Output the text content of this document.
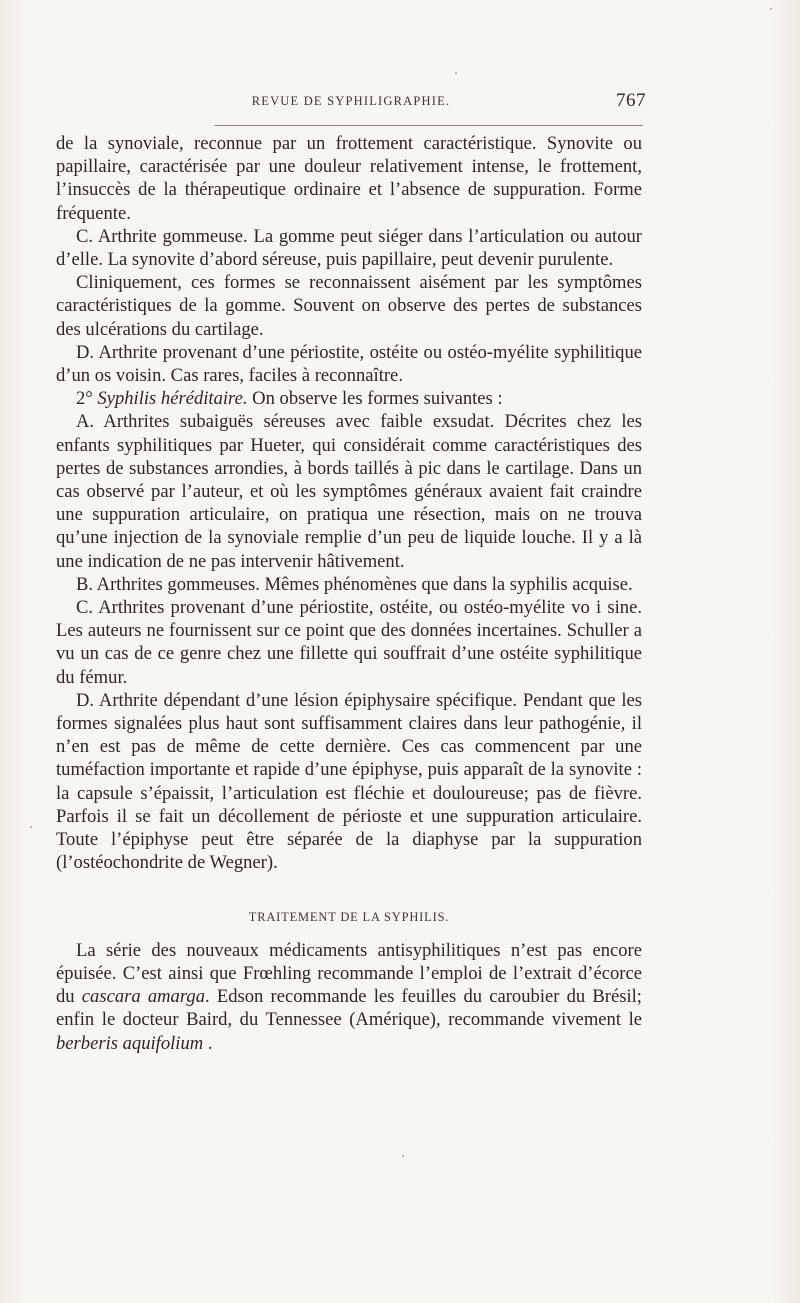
REVUE DE SYPHILIGRAPHIE.	767

de la synoviale, reconnue par un frottement caractéristique. Synovite ou papillaire, caractérisée par une douleur relativement intense, le frottement, l’insuccès de la thérapeutique ordinaire et l’absence de suppuration. Forme fréquente.

C. Arthrite gommeuse. La gomme peut siéger dans l’articulation ou autour d’elle. La synovite d’abord séreuse, puis papillaire, peut devenir purulente.

Cliniquement, ces formes se reconnaissent aisément par les symptômes caractéristiques de la gomme. Souvent on observe des pertes de substances des ulcérations du cartilage.

D. Arthrite provenant d’une périostite, ostéite ou ostéo-myélite syphilitique d’un os voisin. Cas rares, faciles à reconnaître.

2° Syphilis héréditaire. On observe les formes suivantes :

A. Arthrites subaiguës séreuses avec faible exsudat. Décrites chez les enfants syphilitiques par Hueter, qui considérait comme caractéristiques des pertes de substances arrondies, à bords taillés à pic dans le cartilage. Dans un cas observé par l’auteur, et où les symptômes généraux avaient fait craindre une suppuration articulaire, on pratiqua une résection, mais on ne trouva qu’une injection de la synoviale remplie d’un peu de liquide louche. Il y a là une indication de ne pas intervenir hâtivement.

B. Arthrites gommeuses. Mêmes phénomènes que dans la syphilis acquise.

C. Arthrites provenant d’une périostite, ostéite, ou ostéo-myélite vo i sine. Les auteurs ne fournissent sur ce point que des données incertaines. Schuller a vu un cas de ce genre chez une fillette qui souffrait d’une ostéite syphilitique du fémur.

D. Arthrite dépendant d’une lésion épiphysaire spécifique. Pendant que les formes signalées plus haut sont suffisamment claires dans leur pathogénie, il n’en est pas de même de cette dernière. Ces cas commencent par une tuméfaction importante et rapide d’une épiphyse, puis apparaît de la synovite : la capsule s’épaissit, l’articulation est fléchie et douloureuse; pas de fièvre. Parfois il se fait un décollement de périoste et une suppuration articulaire. Toute l’épiphyse peut être séparée de la diaphyse par la suppuration (l’ostéochondrite de Wegner).

TRAITEMENT DE LA SYPHILIS.

La série des nouveaux médicaments antisyphilitiques n’est pas encore épuisée. C’est ainsi que Frœhling recommande l’emploi de l’extrait d’écorce du cascara amarga. Edson recommande les feuilles du caroubier du Brésil; enfin le docteur Baird, du Tennessee (Amérique), recommande vivement le berberis aquifolium .
